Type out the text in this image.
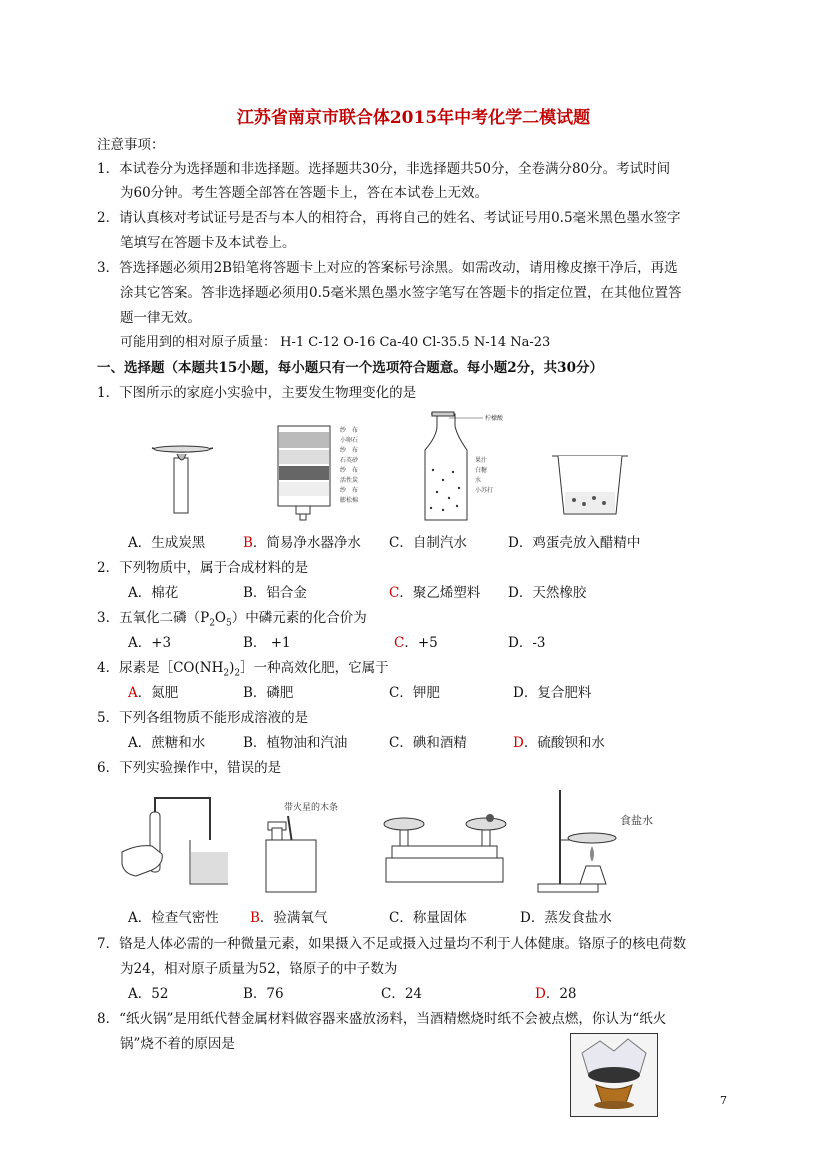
江苏省南京市联合体2015年中考化学二模试题
注意事项：
1．本试卷分为选择题和非选择题。选择题共30分，非选择题共50分，全卷满分80分。考试时间
为60分钟。考生答题全部答在答题卡上，答在本试卷上无效。
2．请认真核对考试证号是否与本人的相符合，再将自己的姓名、考试证号用0.5毫米黑色墨水签字
笔填写在答题卡及本试卷上。
3．答选择题必须用2B铅笔将答题卡上对应的答案标号涂黑。如需改动，请用橡皮擦干净后，再选
涂其它答案。答非选择题必须用0.5毫米黑色墨水签字笔写在答题卡的指定位置，在其他位置答
题一律无效。
可能用到的相对原子质量： H-1 C-12 O-16 Ca-40 Cl-35.5 N-14 Na-23
一、选择题（本题共15小题，每小题只有一个选项符合题意。每小题2分，共30分）
1．下图所示的家庭小实验中，主要发生物理变化的是
纱　布
小卵石
纱　布
石英砂
纱　布
活性炭
纱　布
膨松棉
柠檬酸
果汁
白糖
水
小苏打
A．生成炭黑	B．简易净水器净水 C．自制汽水	D．鸡蛋壳放入醋精中
2．下列物质中，属于合成材料的是
A．棉花	B．铝合金	C．聚乙烯塑料 D．天然橡胶
3．五氧化二磷$(P_2O_5)$中磷元素的化合价为
A．+3	B． +1	C．+5	D．-3
4．尿素是$[CO(NH_2)_2]$一种高效化肥，它属于
A．氮肥	B．磷肥	C．钾肥	D．复合肥料
5．下列各组物质不能形成溶液的是
A．蔗糖和水	B．植物油和汽油	C．碘和酒精	D．硫酸钡和水
6．下列实验操作中，错误的是
带火星的木条
食盐水
A．检查气密性 B．验满氧气	C．称量固体	D．蒸发食盐水
7．铬是人体必需的一种微量元素，如果摄入不足或摄入过量均不利于人体健康。铬原子的核电荷数
为24，相对原子质量为52，铬原子的中子数为
A．52	B．76	C．24	D．28
8．“纸火锅”是用纸代替金属材料做容器来盛放汤料，当酒精燃烧时纸不会被点燃，你认为“纸火
锅”烧不着的原因是
7
